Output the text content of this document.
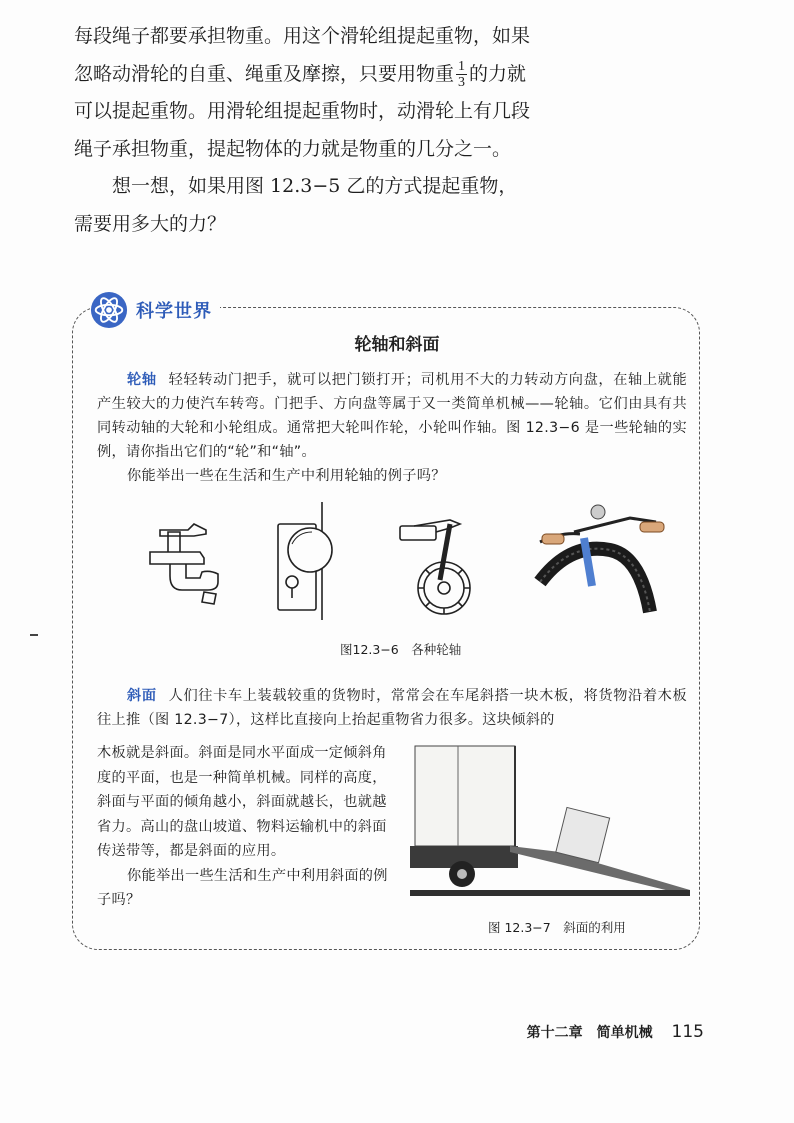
每段绳子都要承担物重。用这个滑轮组提起重物，如果

忽略动滑轮的自重、绳重及摩擦，只要用物重 $\frac{1}{3}$ 的力就

可以提起重物。用滑轮组提起重物时，动滑轮上有几段绳子承担物重，提起物体的力就是物重的几分之一。

想一想，如果用图 12.3−5 乙的方式提起重物，需要用多大的力？

科学世界
轮轴和斜面

轮轴 轻轻转动门把手，就可以把门锁打开；司机用不大的力转动方向盘，在轴上就能产生较大的力使汽车转弯。门把手、方向盘等属于又一类简单机械——轮轴。它们由具有共同转动轴的大轮和小轮组成。通常把大轮叫作轮，小轮叫作轴。图 12.3−6 是一些轮轴的实例，请你指出它们的“轮”和“轴”。

你能举出一些在生活和生产中利用轮轴的例子吗？

图12.3−6　各种轮轴

斜面 人们往卡车上装载较重的货物时，常常会在车尾斜搭一块木板，将货物沿着木板往上推（图 12.3−7），这样比直接向上抬起重物省力很多。这块倾斜的

木板就是斜面。斜面是同水平面成一定倾斜角度的平面，也是一种简单机械。同样的高度，斜面与平面的倾角越小，斜面就越长，也就越省力。高山的盘山坡道、物料运输机中的斜面传送带等，都是斜面的应用。

你能举出一些生活和生产中利用斜面的例子吗？

图 12.3−7　斜面的利用
第十二章　简单机械 115
